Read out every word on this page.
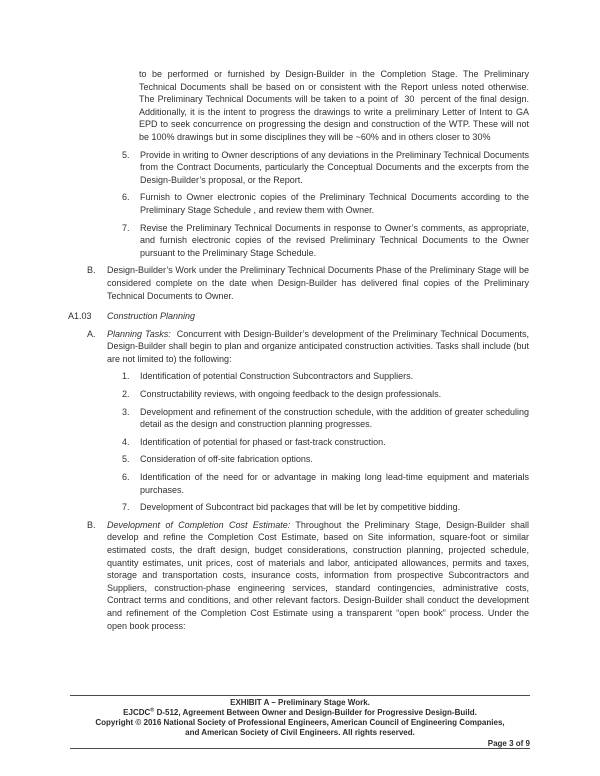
to be performed or furnished by Design-Builder in the Completion Stage. The Preliminary Technical Documents shall be based on or consistent with the Report unless noted otherwise. The Preliminary Technical Documents will be taken to a point of  30  percent of the final design. Additionally, it is the intent to progress the drawings to write a preliminary Letter of Intent to GA EPD to seek concurrence on progressing the design and construction of the WTP. These will not be 100% drawings but in some disciplines they will be ~60% and in others closer to 30%

5. Provide in writing to Owner descriptions of any deviations in the Preliminary Technical Documents from the Contract Documents, particularly the Conceptual Documents and the excerpts from the Design-Builder’s proposal, or the Report.
6. Furnish to Owner electronic copies of the Preliminary Technical Documents according to the Preliminary Stage Schedule , and review them with Owner.
7. Revise the Preliminary Technical Documents in response to Owner’s comments, as appropriate, and furnish electronic copies of the revised Preliminary Technical Documents to the Owner pursuant to the Preliminary Stage Schedule.
B. Design-Builder’s Work under the Preliminary Technical Documents Phase of the Preliminary Stage will be considered complete on the date when Design-Builder has delivered final copies of the Preliminary Technical Documents to Owner.
A1.03 Construction Planning
A. Planning Tasks:  Concurrent with Design-Builder’s development of the Preliminary Technical Documents, Design-Builder shall begin to plan and organize anticipated construction activities. Tasks shall include (but are not limited to) the following:
1. Identification of potential Construction Subcontractors and Suppliers.
2. Constructability reviews, with ongoing feedback to the design professionals.
3. Development and refinement of the construction schedule, with the addition of greater scheduling detail as the design and construction planning progresses.
4. Identification of potential for phased or fast-track construction.
5. Consideration of off-site fabrication options.
6. Identification of the need for or advantage in making long lead-time equipment and materials purchases.
7. Development of Subcontract bid packages that will be let by competitive bidding.
B. Development of Completion Cost Estimate: Throughout the Preliminary Stage, Design-Builder shall develop and refine the Completion Cost Estimate, based on Site information, square-foot or similar estimated costs, the draft design, budget considerations, construction planning, projected schedule, quantity estimates, unit prices, cost of materials and labor, anticipated allowances, permits and taxes, storage and transportation costs, insurance costs, information from prospective Subcontractors and Suppliers, construction-phase engineering services, standard contingencies, administrative costs, Contract terms and conditions, and other relevant factors. Design-Builder shall conduct the development and refinement of the Completion Cost Estimate using a transparent “open book” process. Under the open book process:
EXHIBIT A – Preliminary Stage Work.
EJCDC® D-512, Agreement Between Owner and Design-Builder for Progressive Design-Build.
Copyright © 2016 National Society of Professional Engineers, American Council of Engineering Companies,
and American Society of Civil Engineers. All rights reserved.
Page 3 of 9
